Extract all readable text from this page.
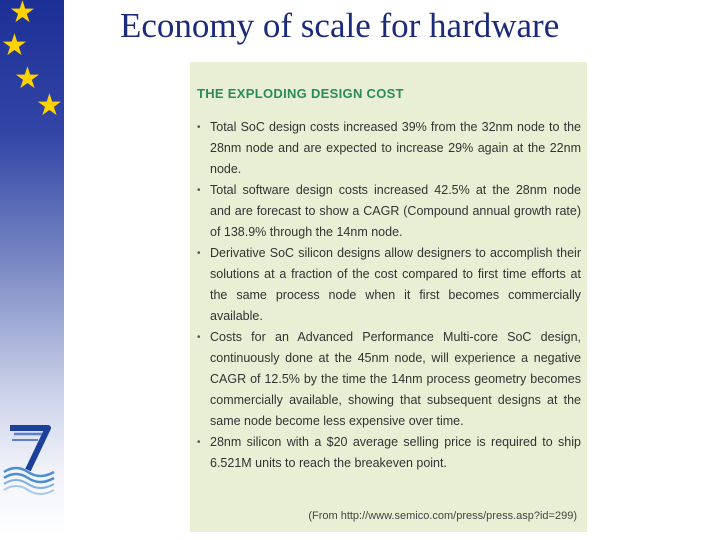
★
★
★
★
Economy of scale for hardware
THE EXPLODING DESIGN COST
• Total SoC design costs increased 39% from the 32nm node to the 28nm node and are expected to increase 29% again at the 22nm node.
• Total software design costs increased 42.5% at the 28nm node and are forecast to show a CAGR (Compound annual growth rate) of 138.9% through the 14nm node.
• Derivative SoC silicon designs allow designers to accomplish their solutions at a fraction of the cost compared to first time efforts at the same process node when it first becomes commercially available.
• Costs for an Advanced Performance Multi-core SoC design, continuously done at the 45nm node, will experience a negative CAGR of 12.5% by the time the 14nm process geometry becomes commercially available, showing that subsequent designs at the same node become less expensive over time.
• 28nm silicon with a $20 average selling price is required to ship 6.521M units to reach the breakeven point.
(From http://www.semico.com/press/press.asp?id=299)
